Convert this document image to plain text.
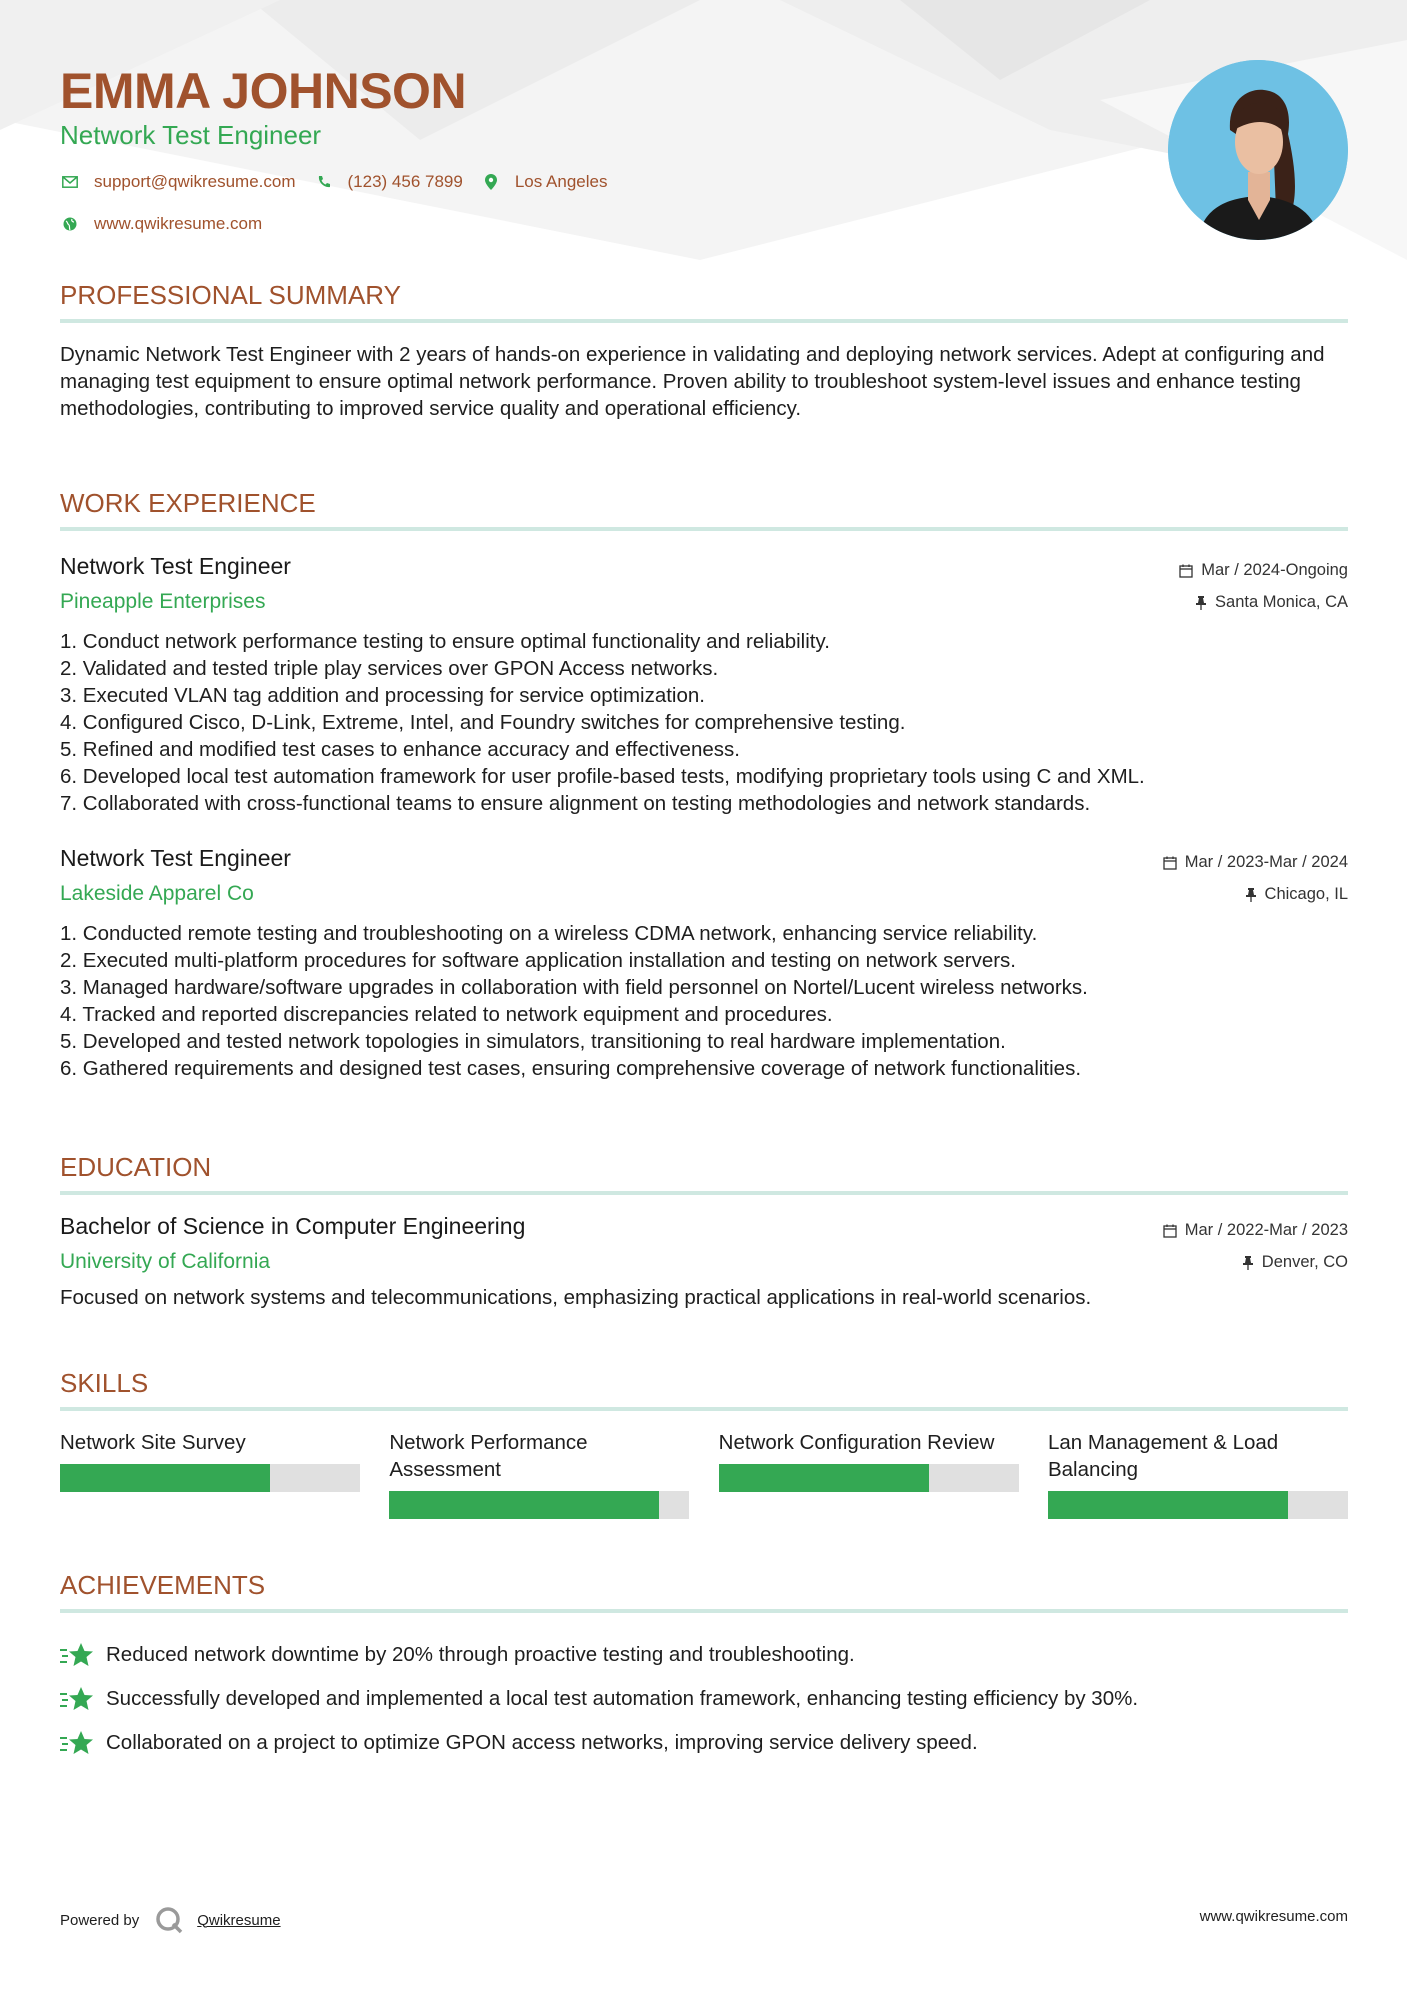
EMMA JOHNSON
Network Test Engineer
support@qwikresume.com	(123) 456 7899	Los Angeles
www.qwikresume.com
PROFESSIONAL SUMMARY
Dynamic Network Test Engineer with 2 years of hands-on experience in validating and deploying network services. Adept at configuring and managing test equipment to ensure optimal network performance. Proven ability to troubleshoot system-level issues and enhance testing methodologies, contributing to improved service quality and operational efficiency.
WORK EXPERIENCE
Network Test Engineer
Pineapple Enterprises
Mar / 2024-Ongoing
Santa Monica, CA
1. Conduct network performance testing to ensure optimal functionality and reliability.
2. Validated and tested triple play services over GPON Access networks.
3. Executed VLAN tag addition and processing for service optimization.
4. Configured Cisco, D-Link, Extreme, Intel, and Foundry switches for comprehensive testing.
5. Refined and modified test cases to enhance accuracy and effectiveness.
6. Developed local test automation framework for user profile-based tests, modifying proprietary tools using C and XML.
7. Collaborated with cross-functional teams to ensure alignment on testing methodologies and network standards.
Network Test Engineer
Lakeside Apparel Co
Mar / 2023-Mar / 2024
Chicago, IL
1. Conducted remote testing and troubleshooting on a wireless CDMA network, enhancing service reliability.
2. Executed multi-platform procedures for software application installation and testing on network servers.
3. Managed hardware/software upgrades in collaboration with field personnel on Nortel/Lucent wireless networks.
4. Tracked and reported discrepancies related to network equipment and procedures.
5. Developed and tested network topologies in simulators, transitioning to real hardware implementation.
6. Gathered requirements and designed test cases, ensuring comprehensive coverage of network functionalities.
EDUCATION
Bachelor of Science in Computer Engineering
University of California
Mar / 2022-Mar / 2023
Denver, CO
Focused on network systems and telecommunications, emphasizing practical applications in real-world scenarios.
SKILLS
Network Site Survey	Network Performance Assessment
Network Configuration Review	Lan Management & Load Balancing
ACHIEVEMENTS
Reduced network downtime by 20% through proactive testing and troubleshooting.
Successfully developed and implemented a local test automation framework, enhancing testing efficiency by 30%.
Collaborated on a project to optimize GPON access networks, improving service delivery speed.
Powered by	Qwikresume	www.qwikresume.com
